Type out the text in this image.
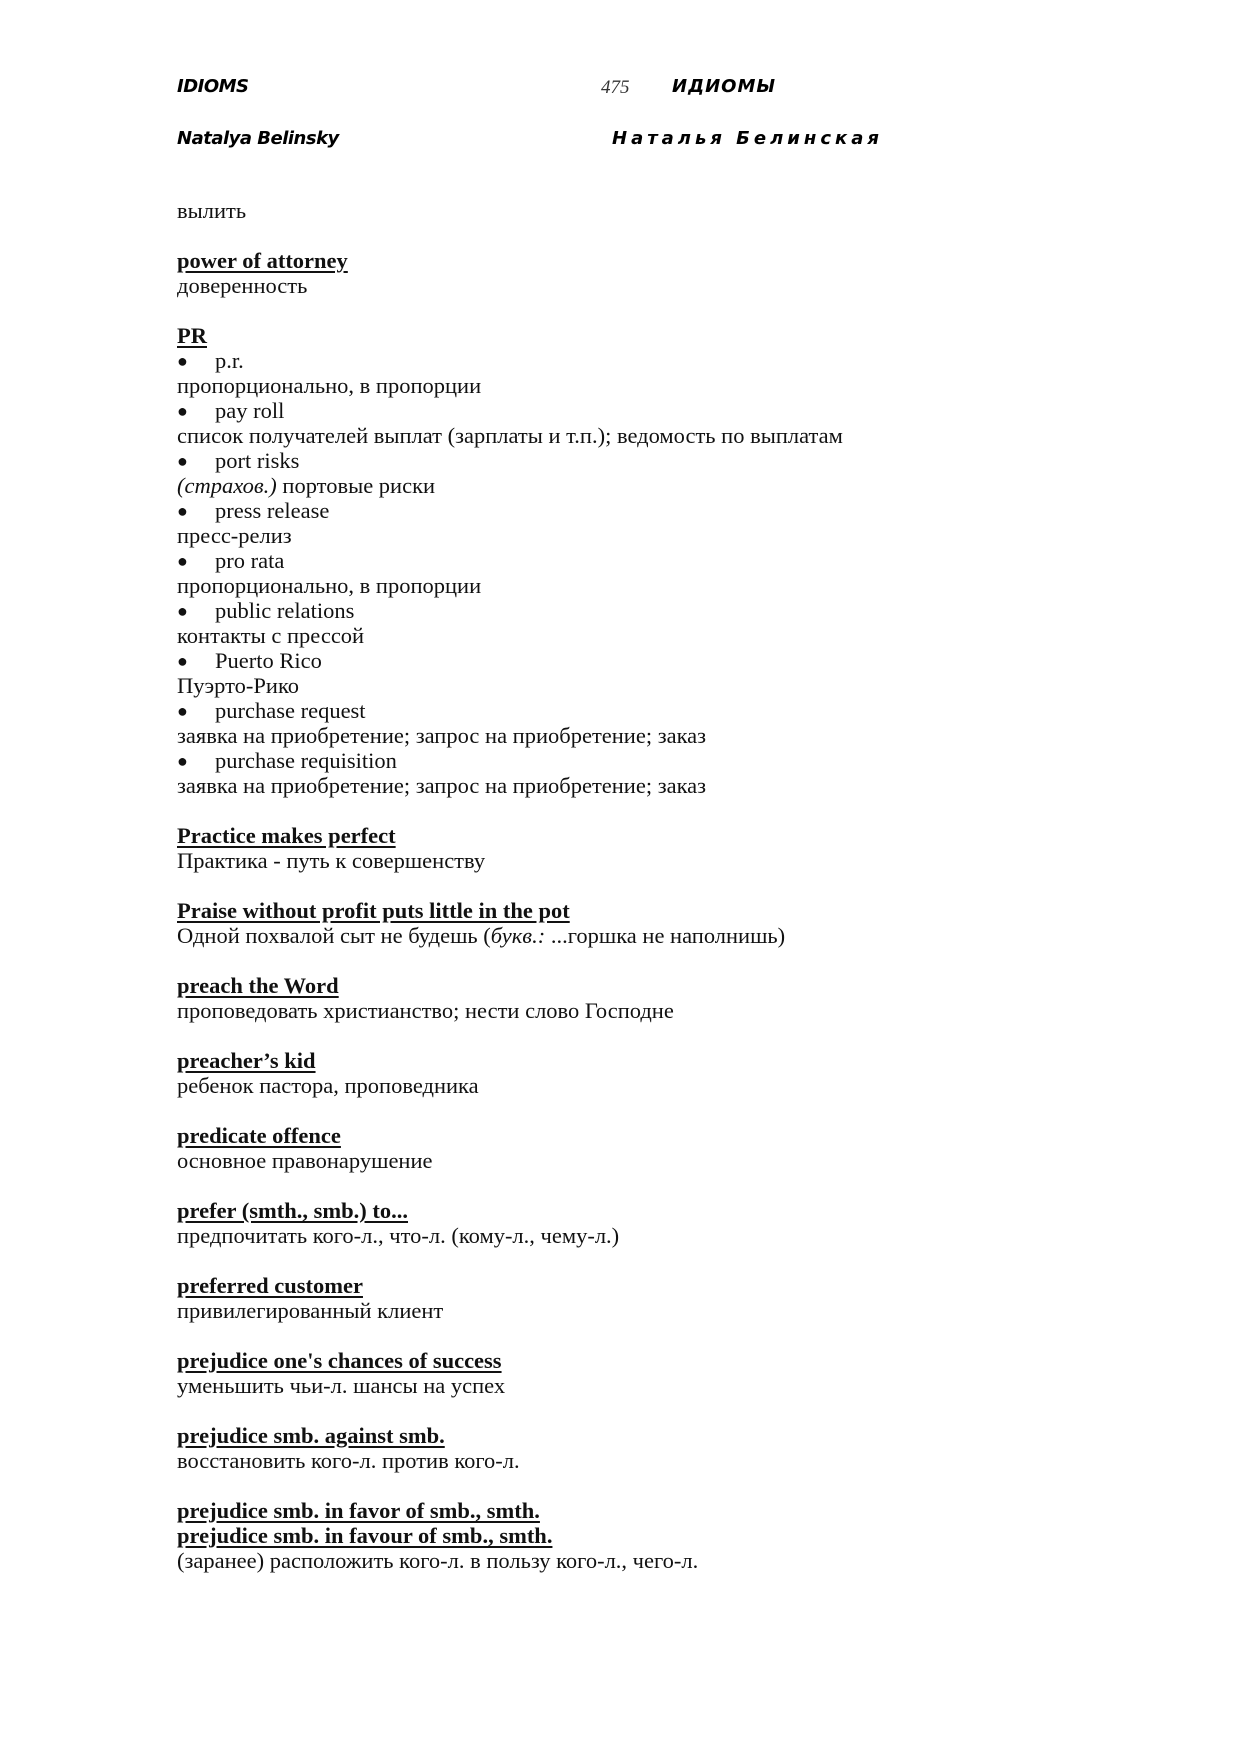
IDIOMS
Natalya Belinsky
475 ИДИОМЫ
Наталья Белинская
вылить
power of attorney
доверенность
PR
● p.r.
пропорционально, в пропорции
● pay roll
список получателей выплат (зарплаты и т.п.); ведомость по выплатам
● port risks
(страхов.) портовые риски
● press release
пресс-релиз
● pro rata
пропорционально, в пропорции
● public relations
контакты с прессой
● Puerto Rico
Пуэрто-Рико
● purchase request
заявка на приобретение; запрос на приобретение; заказ
● purchase requisition
заявка на приобретение; запрос на приобретение; заказ
Practice makes perfect
Практика - путь к совершенству
Praise without profit puts little in the pot
Одной похвалой сыт не будешь (букв.: ...горшка не наполнишь)
preach the Word
проповедовать христианство; нести слово Господне
preacher’s kid
ребенок пастора, проповедника
predicate offence
основное правонарушение
prefer (smth., smb.) to...
предпочитать кого-л., что-л. (кому-л., чему-л.)
preferred customer
привилегированный клиент
prejudice one's chances of success
уменьшить чьи-л. шансы на успех
prejudice smb. against smb.
восстановить кого-л. против кого-л.
prejudice smb. in favor of smb., smth.
prejudice smb. in favour of smb., smth.
(заранее) расположить кого-л. в пользу кого-л., чего-л.
